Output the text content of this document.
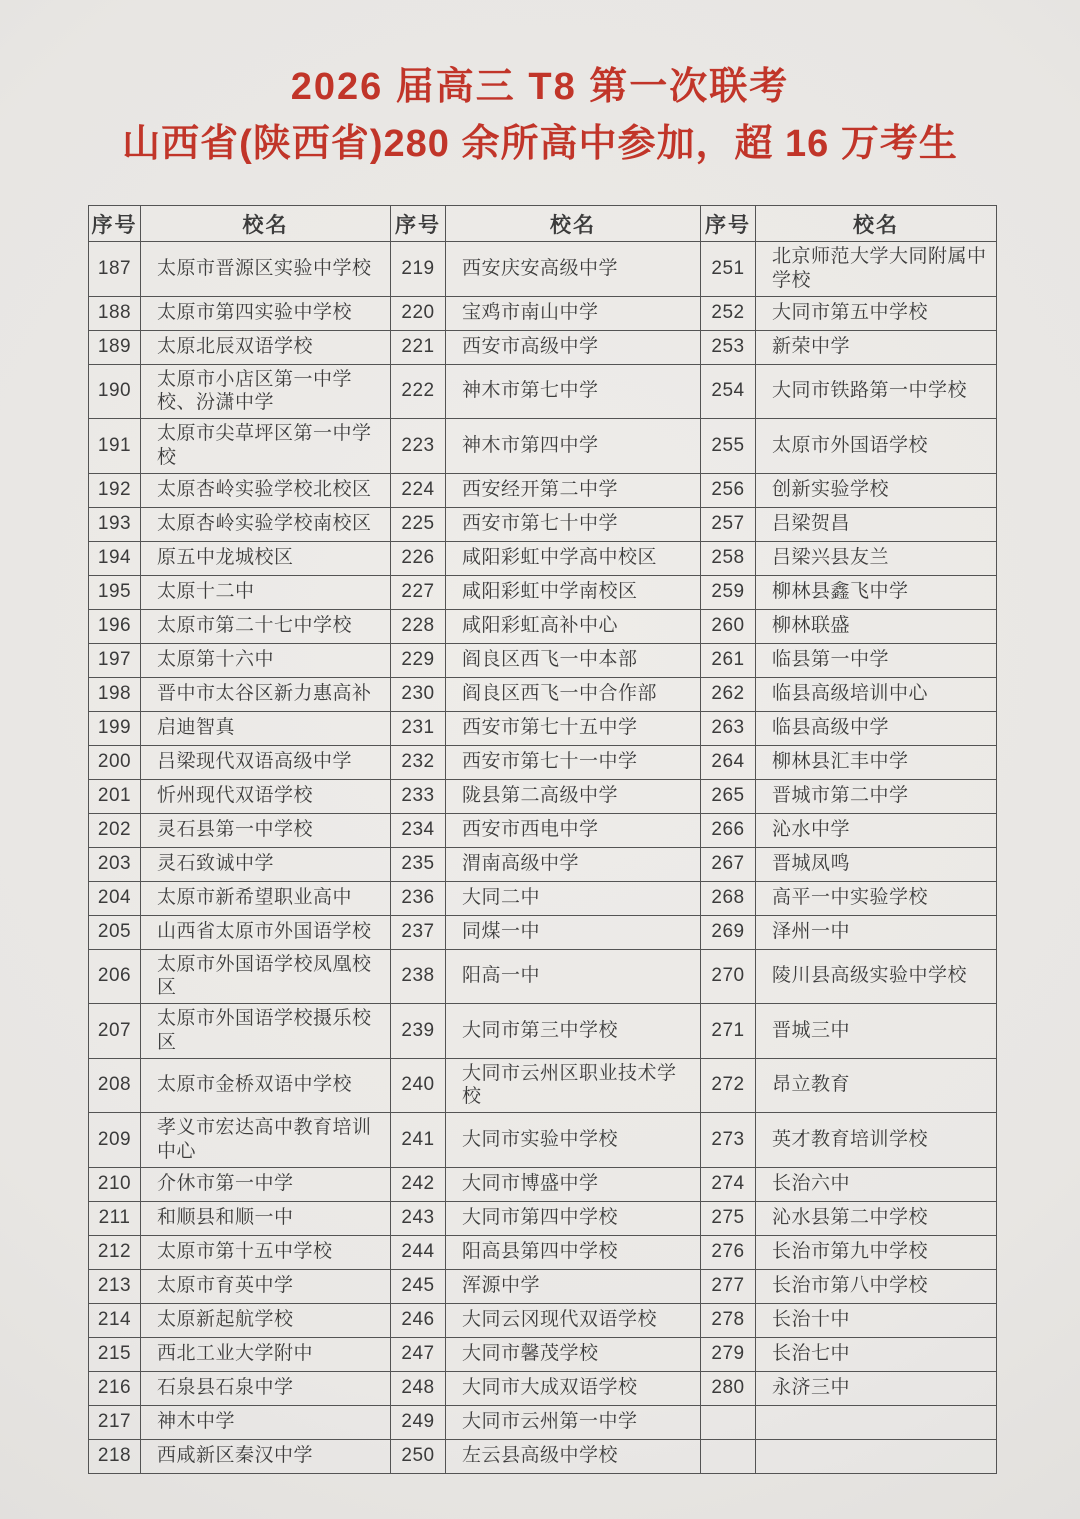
2026 届高三 T8 第一次联考
山西省(陕西省)280 余所高中参加，超 16 万考生
序号	校名	序号	校名	序号	校名
187	太原市晋源区实验中学校	219	西安庆安高级中学	251	北京师范大学大同附属中学校
188	太原市第四实验中学校	220	宝鸡市南山中学	252	大同市第五中学校
189	太原北辰双语学校	221	西安市高级中学	253	新荣中学
190	太原市小店区第一中学校、汾潇中学	222	神木市第七中学	254	大同市铁路第一中学校
191	太原市尖草坪区第一中学校	223	神木市第四中学	255	太原市外国语学校
192	太原杏岭实验学校北校区	224	西安经开第二中学	256	创新实验学校
193	太原杏岭实验学校南校区	225	西安市第七十中学	257	吕梁贺昌
194	原五中龙城校区	226	咸阳彩虹中学高中校区	258	吕梁兴县友兰
195	太原十二中	227	咸阳彩虹中学南校区	259	柳林县鑫飞中学
196	太原市第二十七中学校	228	咸阳彩虹高补中心	260	柳林联盛
197	太原第十六中	229	阎良区西飞一中本部	261	临县第一中学
198	晋中市太谷区新力惠高补	230	阎良区西飞一中合作部	262	临县高级培训中心
199	启迪智真	231	西安市第七十五中学	263	临县高级中学
200	吕梁现代双语高级中学	232	西安市第七十一中学	264	柳林县汇丰中学
201	忻州现代双语学校	233	陇县第二高级中学	265	晋城市第二中学
202	灵石县第一中学校	234	西安市西电中学	266	沁水中学
203	灵石致诚中学	235	渭南高级中学	267	晋城凤鸣
204	太原市新希望职业高中	236	大同二中	268	高平一中实验学校
205	山西省太原市外国语学校	237	同煤一中	269	泽州一中
206	太原市外国语学校凤凰校区	238	阳高一中	270	陵川县高级实验中学校
207	太原市外国语学校摄乐校区	239	大同市第三中学校	271	晋城三中
208	太原市金桥双语中学校	240	大同市云州区职业技术学校	272	昂立教育
209	孝义市宏达高中教育培训中心	241	大同市实验中学校	273	英才教育培训学校
210	介休市第一中学	242	大同市博盛中学	274	长治六中
211	和顺县和顺一中	243	大同市第四中学校	275	沁水县第二中学校
212	太原市第十五中学校	244	阳高县第四中学校	276	长治市第九中学校
213	太原市育英中学	245	浑源中学	277	长治市第八中学校
214	太原新起航学校	246	大同云冈现代双语学校	278	长治十中
215	西北工业大学附中	247	大同市馨茂学校	279	长治七中
216	石泉县石泉中学	248	大同市大成双语学校	280	永济三中
217	神木中学	249	大同市云州第一中学		
218	西咸新区秦汉中学	250	左云县高级中学校		
